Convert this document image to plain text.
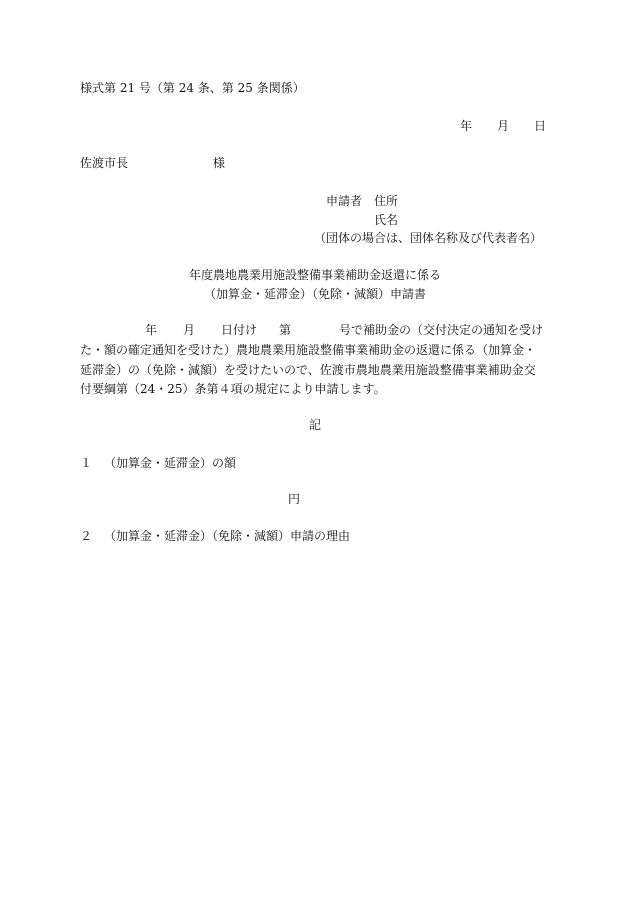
様式第 21 号（第 24 条、第 25 条関係）
年 月 日
佐渡市長	様
申請者 住所
氏名
（団体の場合は、団体名称及び代表者名）
年度農地農業用施設整備事業補助金返還に係る
（加算金・延滞金）（免除・減額）申請書
年 月 日付け 第	号で補助金の（交付決定の通知を受け
た・額の確定通知を受けた）農地農業用施設整備事業補助金の返還に係る（加算金・
延滞金）の（免除・減額）を受けたいので、佐渡市農地農業用施設整備事業補助金交
付要綱第（24・25）条第４項の規定により申請します。
記
１ （加算金・延滞金）の額
円
２ （加算金・延滞金）（免除・減額）申請の理由
